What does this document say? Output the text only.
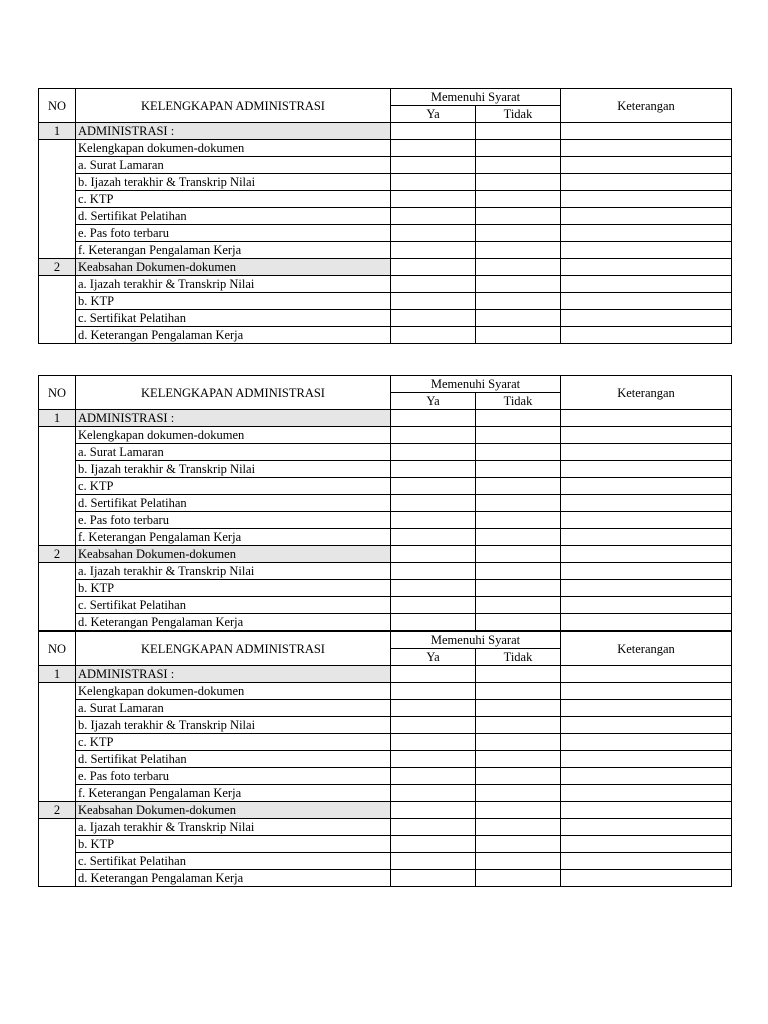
NO	KELENGKAPAN ADMINISTRASI	Memenuhi Syarat		Keterangan
		Ya	Tidak	
1	ADMINISTRASI :			
	Kelengkapan dokumen-dokumen			
	a. Surat Lamaran			
	b. Ijazah terakhir & Transkrip Nilai			
	c. KTP			
	d. Sertifikat Pelatihan			
	e. Pas foto terbaru			
	f. Keterangan Pengalaman Kerja			
2	Keabsahan Dokumen-dokumen			
	a. Ijazah terakhir & Transkrip Nilai			
	b. KTP			
	c. Sertifikat Pelatihan			
	d. Keterangan Pengalaman Kerja			
NO	KELENGKAPAN ADMINISTRASI	Memenuhi Syarat		Keterangan
		Ya	Tidak	
1	ADMINISTRASI :			
	Kelengkapan dokumen-dokumen			
	a. Surat Lamaran			
	b. Ijazah terakhir & Transkrip Nilai			
	c. KTP			
	d. Sertifikat Pelatihan			
	e. Pas foto terbaru			
	f. Keterangan Pengalaman Kerja			
2	Keabsahan Dokumen-dokumen			
	a. Ijazah terakhir & Transkrip Nilai			
	b. KTP			
	c. Sertifikat Pelatihan			
	d. Keterangan Pengalaman Kerja			
NO	KELENGKAPAN ADMINISTRASI	Memenuhi Syarat		Keterangan
		Ya	Tidak	
1	ADMINISTRASI :			
	Kelengkapan dokumen-dokumen			
	a. Surat Lamaran			
	b. Ijazah terakhir & Transkrip Nilai			
	c. KTP			
	d. Sertifikat Pelatihan			
	e. Pas foto terbaru			
	f. Keterangan Pengalaman Kerja			
2	Keabsahan Dokumen-dokumen			
	a. Ijazah terakhir & Transkrip Nilai			
	b. KTP			
	c. Sertifikat Pelatihan			
	d. Keterangan Pengalaman Kerja			
